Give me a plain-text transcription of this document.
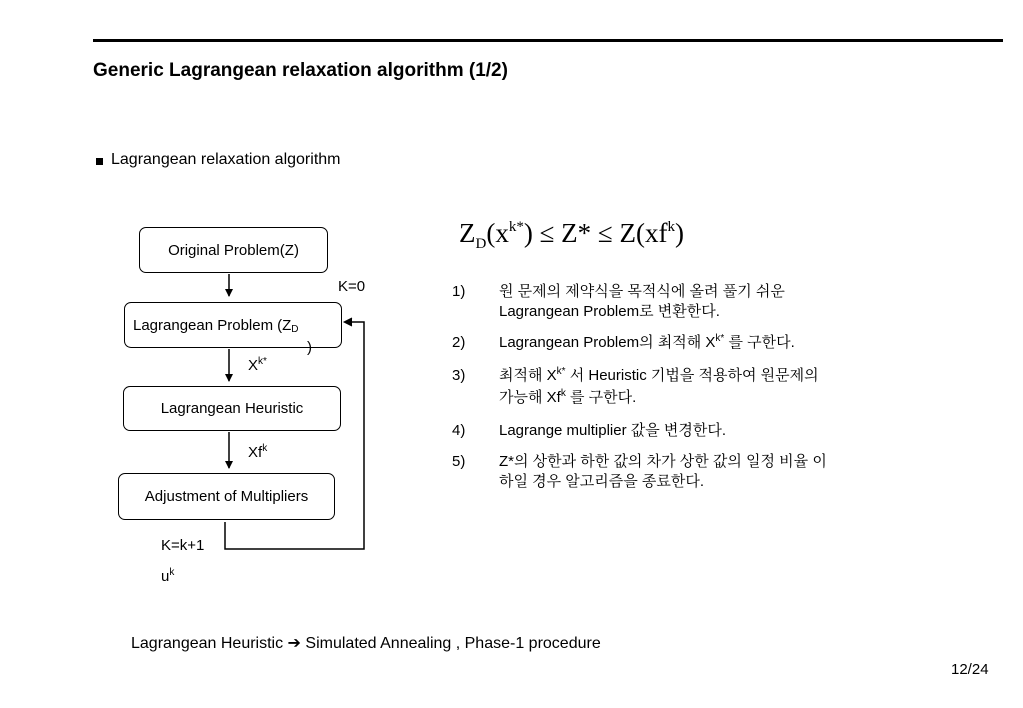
Generic Lagrangean relaxation algorithm (1/2)
Lagrangean relaxation algorithm
Original Problem (Z)
K=0
Lagrangean Problem (Z D
)
$X^{k*}$
Lagrangean Heuristic
Xf$^k$
Adjustment of Multipliers
K=k+1
$u^k$
$Z_D(x^{k*}) \le Z* \le Z(xf^k)$
1)	원 문제의 제약식을 목적식에 올려 풀기 쉬운 Lagrangean Problem로 변환한다.
2)	Lagrangean Problem의 최적해 $X^{k*}$ 를 구한다.
3)	최적해 $X^{k*}$ 서 Heuristic 기법을 적용하여 원문제의 가능해 Xf$^k$ 를 구한다.
4)	Lagrange multiplier 값을 변경한다.
5)	Z*의 상한과 하한 값의 차가 상한 값의 일정 비율 이하일 경우 알고리즘을 종료한다.
Lagrangean Heuristic ➔ Simulated Annealing , Phase-1 procedure
12/24
